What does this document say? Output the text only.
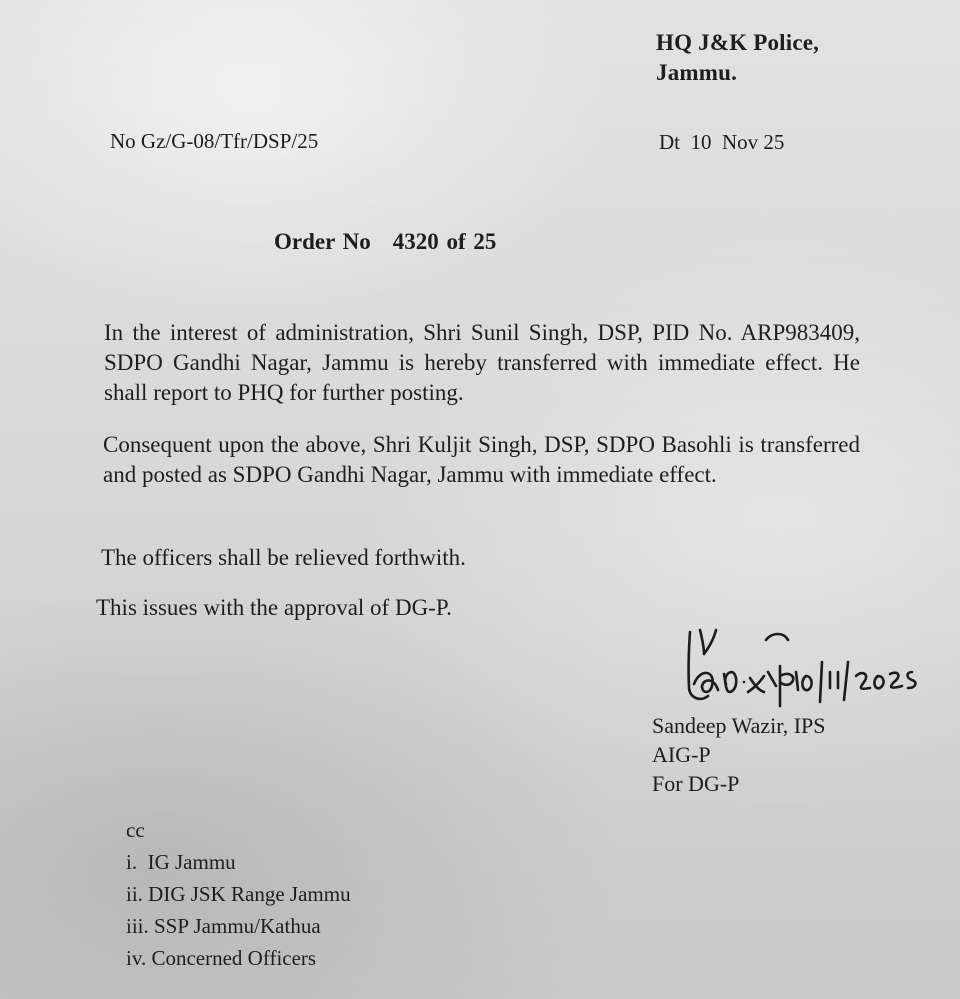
HQ J&K Police,
Jammu.
No Gz/G-08/Tfr/DSP/25	Dt  10  Nov 25
Order No 4320 of 25

In the interest of administration, Shri Sunil Singh, DSP, PID No. ARP983409, SDPO Gandhi Nagar, Jammu is hereby transferred with immediate effect. He shall report to PHQ for further posting.

Consequent upon the above, Shri Kuljit Singh, DSP, SDPO Basohli is transferred and posted as SDPO Gandhi Nagar, Jammu with immediate effect.

The officers shall be relieved forthwith.

This issues with the approval of DG-P.

Sandeep Wazir, IPS
AIG-P
For DG-P
cc
i.  IG Jammu
ii. DIG JSK Range Jammu
iii. SSP Jammu/Kathua
iv. Concerned Officers
